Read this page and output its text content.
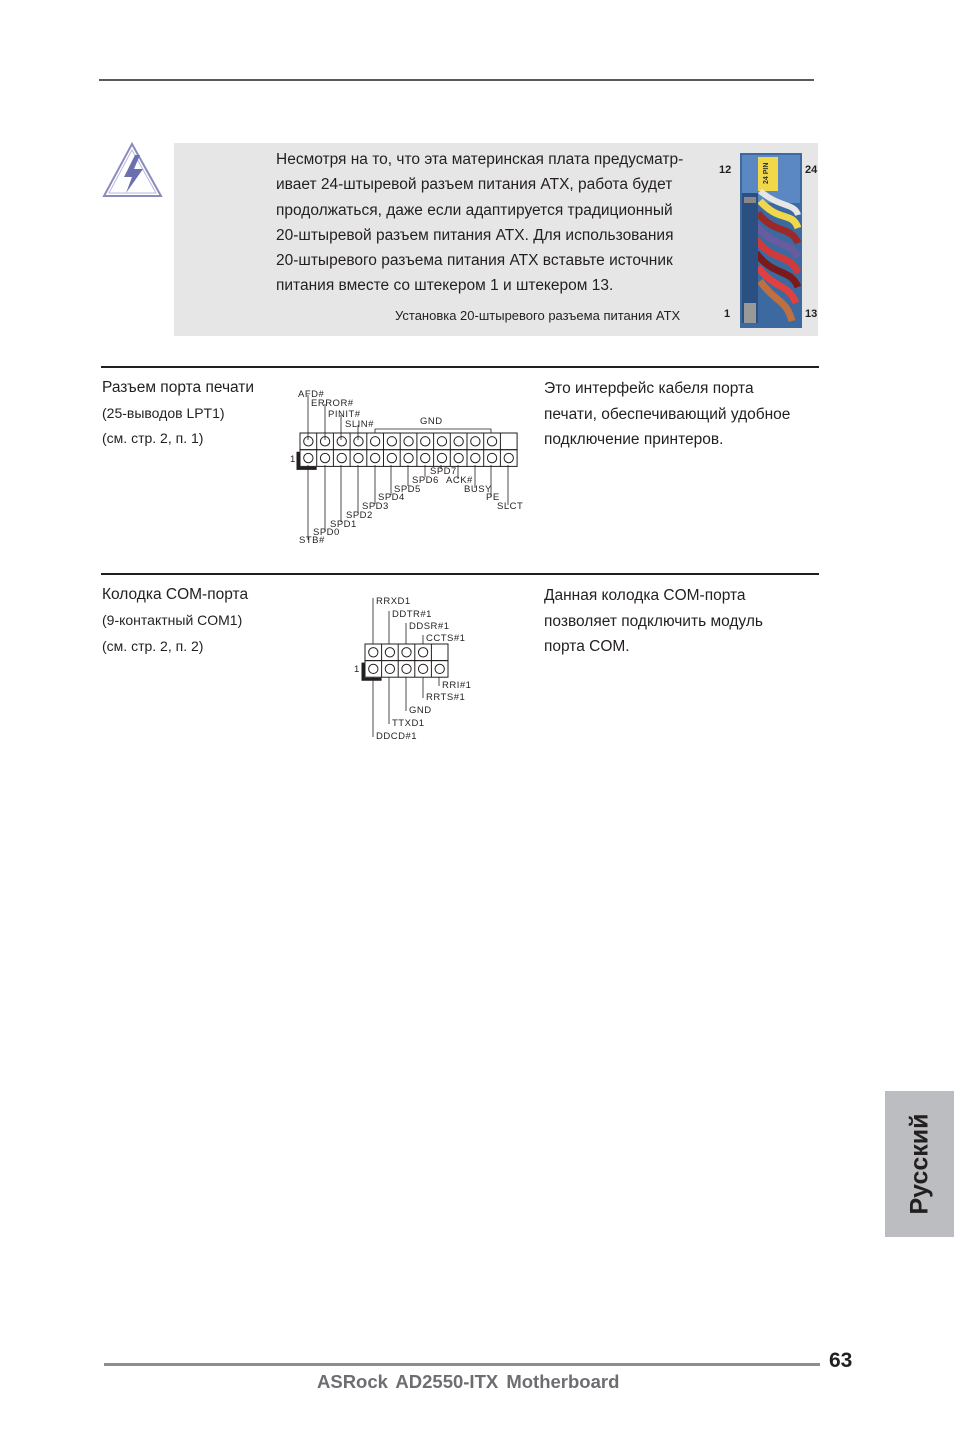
Несмотря на то, что эта материнская плата предусматр-
ивает 24-штыревой разъем питания ATX, работа будет
продолжаться, даже если адаптируется традиционный
20-штыревой разъем питания ATX. Для использования
20-штыревого разъема питания ATX вставьте источник
питания вместе со штекером 1 и штекером 13.
Установка 20-штыревого разъема питания ATX
24 PIN
12	24
1	13
Разъем порта печати
(25-выводов LPT1)
(см. стр. 2, п. 1)
Это интерфейс кабеля порта
печати, обеспечивающий удобное
подключение принтеров.
AFD#
ERROR#
PINIT#
SLIN#	GND
1
SPD7
SPD6 ACK#
SPD5	BUSY
SPD4	PE
SPD3	SLCT
SPD2
SPD1
SPD0
STB#
Колодка COM-порта
(9-контактный COM1)
(см. стр. 2, п. 2)
Данная колодка COM-порта
позволяет подключить модуль
порта COM.
RRXD1
DDTR#1
DDSR#1
CCTS#1
1
RRI#1
RRTS#1
GND
TTXD1
DDCD#1
Русский
63
ASRock AD2550-ITX Motherboard
